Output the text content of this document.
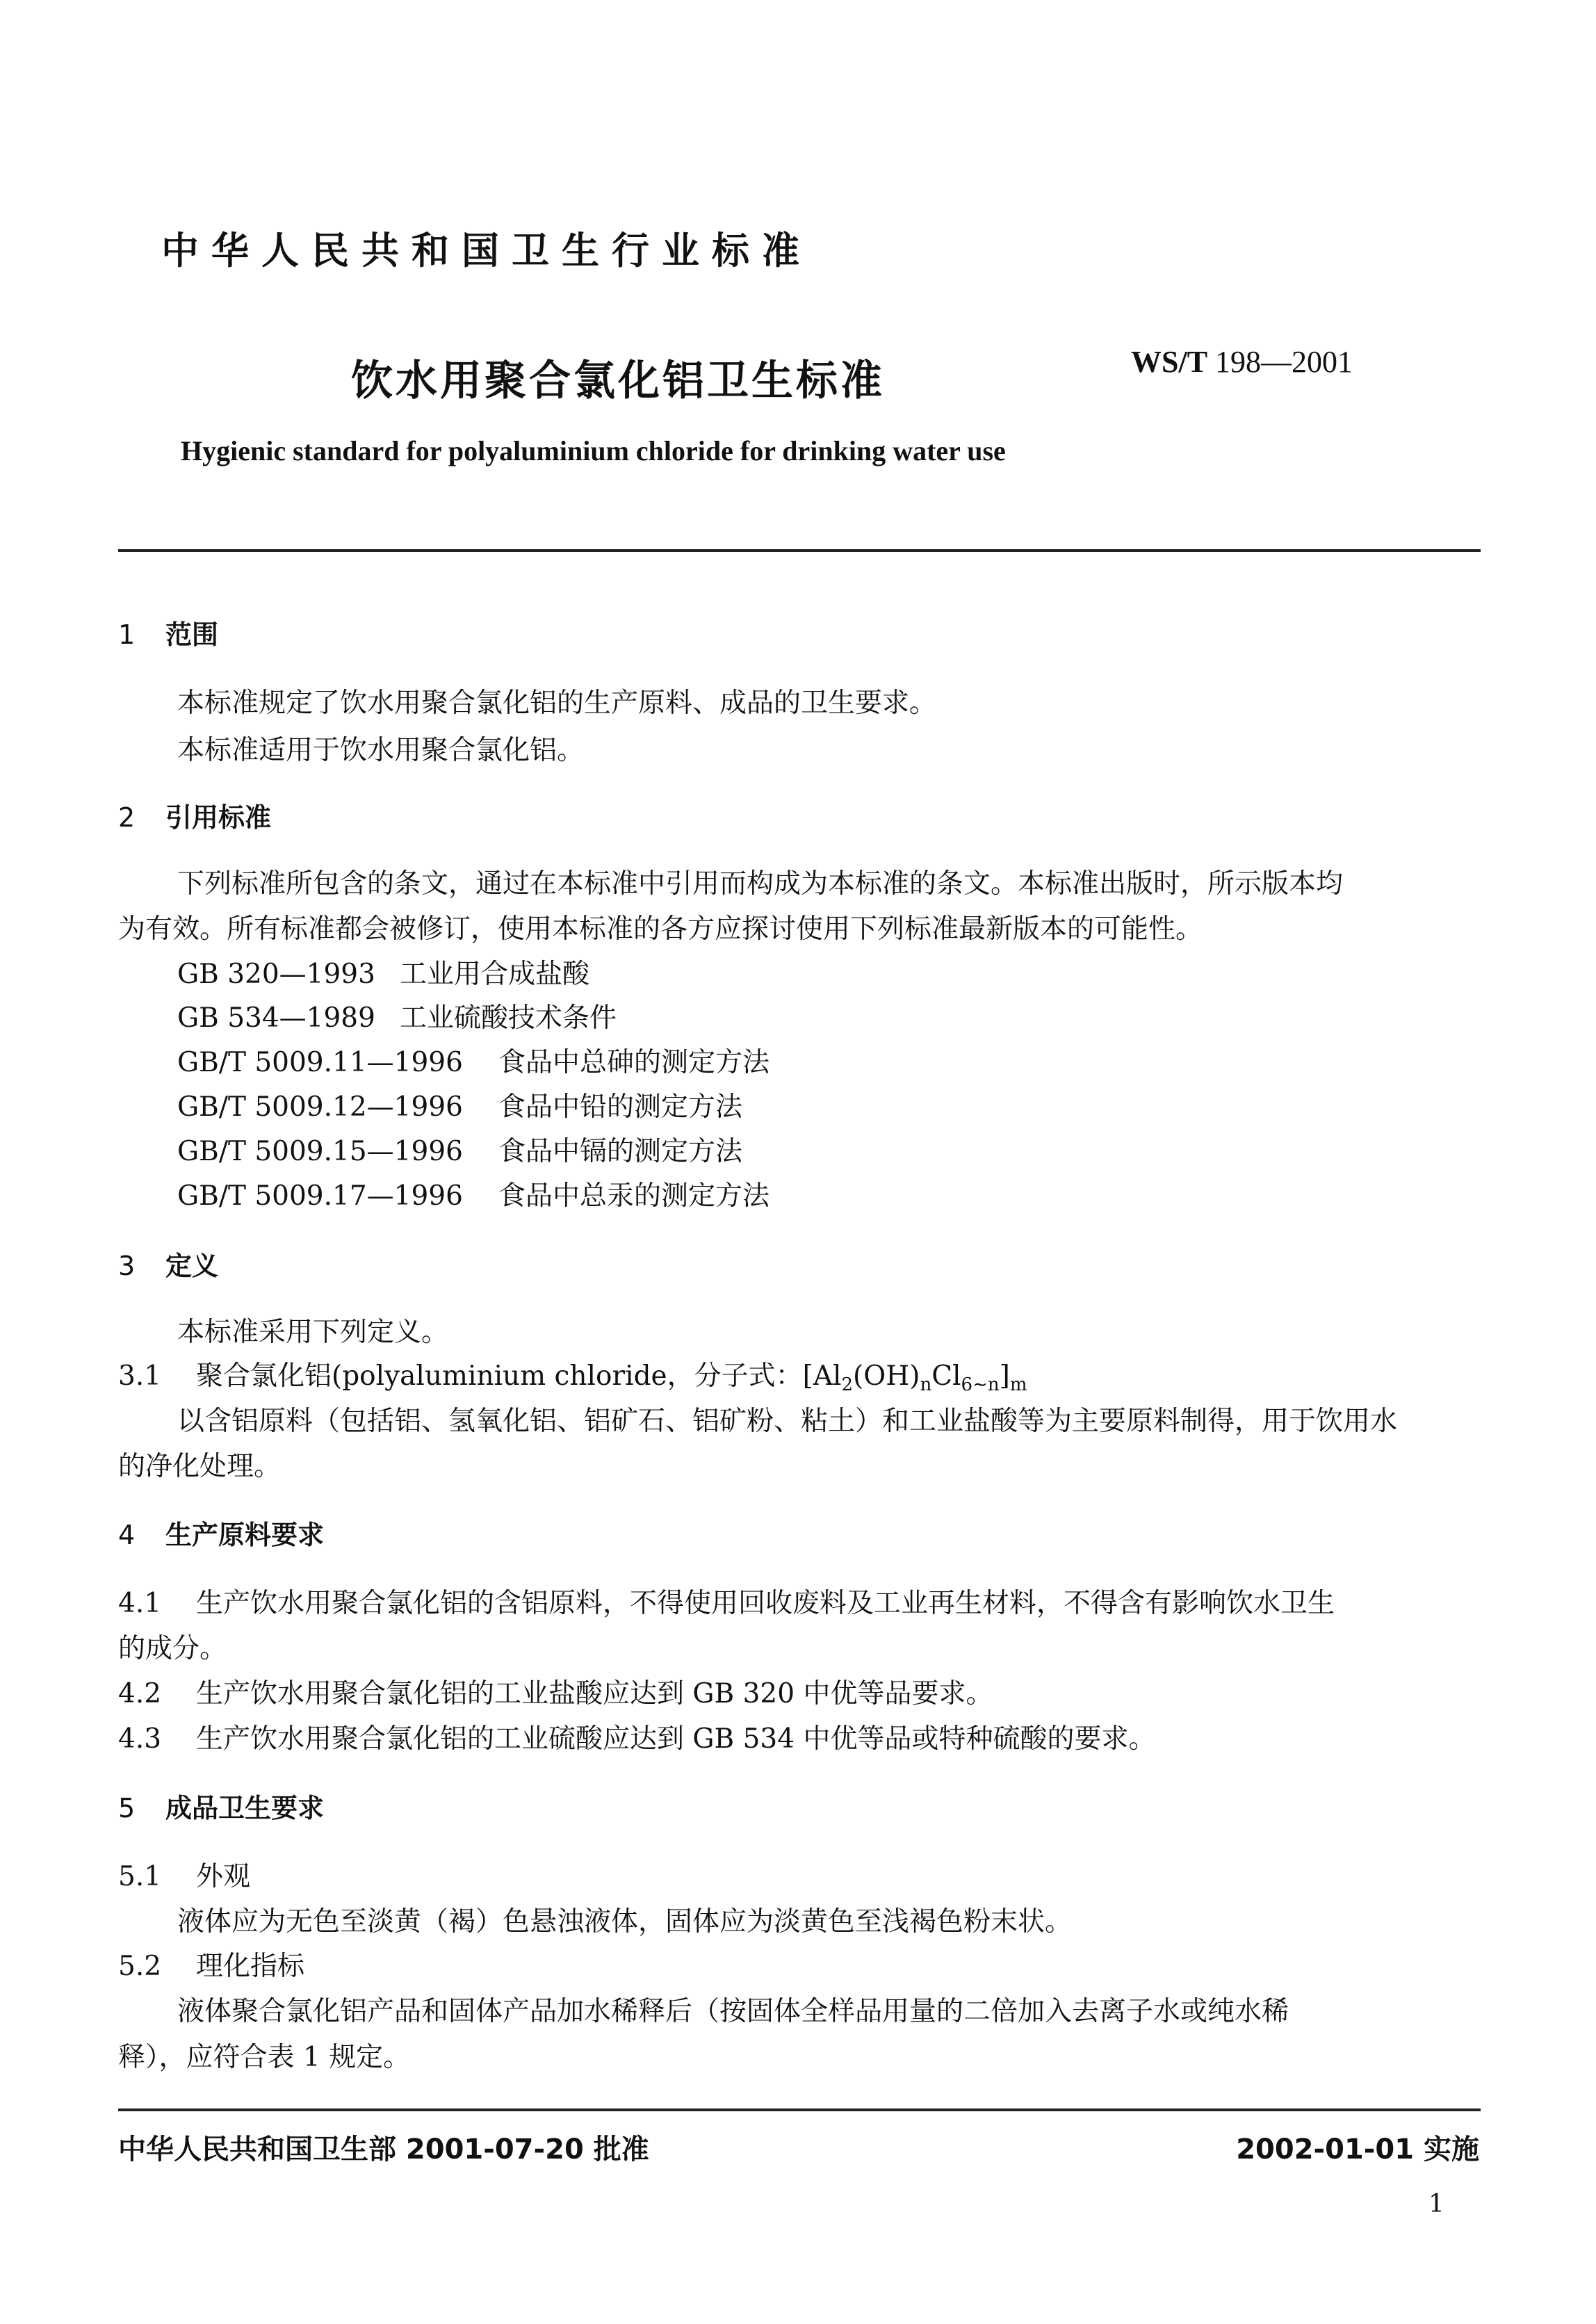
中华人民共和国卫生行业标准
饮水用聚合氯化铝卫生标准	WS/T 198—2001
Hygienic standard for polyaluminium chloride for drinking water use
1 范围
本标准规定了饮水用聚合氯化铝的生产原料、成品的卫生要求。
本标准适用于饮水用聚合氯化铝。
2 引用标准
下列标准所包含的条文，通过在本标准中引用而构成为本标准的条文。本标准出版时，所示版本均
为有效。所有标准都会被修订，使用本标准的各方应探讨使用下列标准最新版本的可能性。
GB 320—1993 工业用合成盐酸
GB 534—1989 工业硫酸技术条件
GB/T 5009.11—1996 食品中总砷的测定方法
GB/T 5009.12—1996 食品中铅的测定方法
GB/T 5009.15—1996 食品中镉的测定方法
GB/T 5009.17—1996 食品中总汞的测定方法
3 定义
本标准采用下列定义。
3.1 聚合氯化铝(polyaluminium chloride，分子式：$[Al_2(OH)_nCl_{6\sim n}]_m$
以含铝原料（包括铝、氢氧化铝、铝矿石、铝矿粉、粘土）和工业盐酸等为主要原料制得，用于饮用水
的净化处理。
4 生产原料要求
4.1 生产饮水用聚合氯化铝的含铝原料，不得使用回收废料及工业再生材料，不得含有影响饮水卫生
的成分。
4.2 生产饮水用聚合氯化铝的工业盐酸应达到 GB 320 中优等品要求。
4.3 生产饮水用聚合氯化铝的工业硫酸应达到 GB 534 中优等品或特种硫酸的要求。
5 成品卫生要求
5.1 外观
液体应为无色至淡黄（褐）色悬浊液体，固体应为淡黄色至浅褐色粉末状。
5.2 理化指标
液体聚合氯化铝产品和固体产品加水稀释后（按固体全样品用量的二倍加入去离子水或纯水稀
释），应符合表 1 规定。
中华人民共和国卫生部 2001-07-20 批准	2002-01-01 实施
1
